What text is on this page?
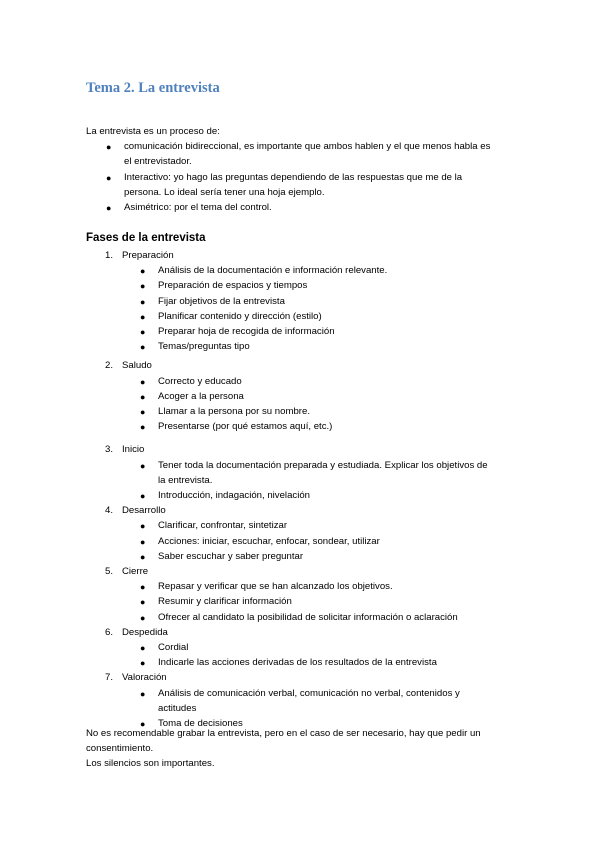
Tema 2. La entrevista
La entrevista es un proceso de:
● comunicación bidireccional, es importante que ambos hablen y el que menos habla es
el entrevistador.
● Interactivo: yo hago las preguntas dependiendo de las respuestas que me de la
persona. Lo ideal sería tener una hoja ejemplo.
● Asimétrico: por el tema del control.
Fases de la entrevista
1. Preparación
● Análisis de la documentación e información relevante.
● Preparación de espacios y tiempos
● Fijar objetivos de la entrevista
● Planificar contenido y dirección (estilo)
● Preparar hoja de recogida de información
● Temas/preguntas tipo
2. Saludo
● Correcto y educado
● Acoger a la persona
● Llamar a la persona por su nombre.
● Presentarse (por qué estamos aquí, etc.)
3. Inicio
● Tener toda la documentación preparada y estudiada. Explicar los objetivos de
la entrevista.
● Introducción, indagación, nivelación
4. Desarrollo
● Clarificar, confrontar, sintetizar
● Acciones: iniciar, escuchar, enfocar, sondear, utilizar
● Saber escuchar y saber preguntar
5. Cierre
● Repasar y verificar que se han alcanzado los objetivos.
● Resumir y clarificar información
● Ofrecer al candidato la posibilidad de solicitar información o aclaración
6. Despedida
● Cordial
● Indicarle las acciones derivadas de los resultados de la entrevista
7. Valoración
● Análisis de comunicación verbal, comunicación no verbal, contenidos y
actitudes
● Toma de decisiones
No es recomendable grabar la entrevista, pero en el caso de ser necesario, hay que pedir un
consentimiento.
Los silencios son importantes.
